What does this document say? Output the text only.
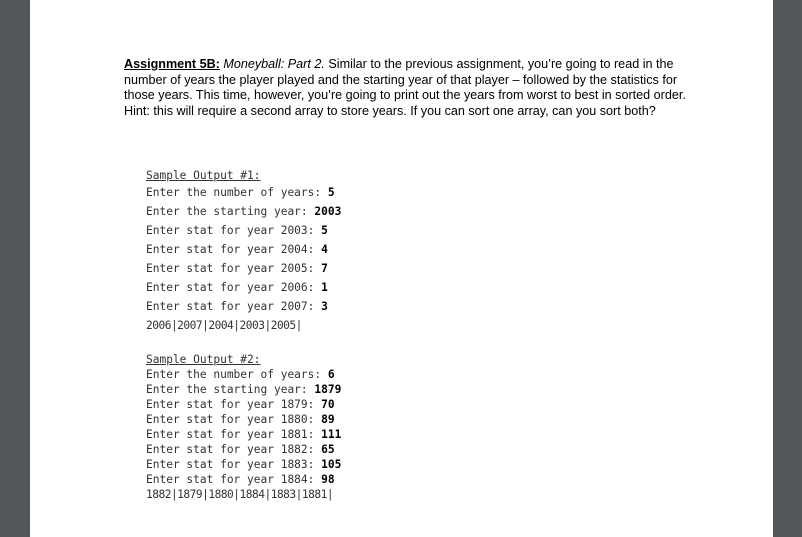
Assignment 5B: Moneyball: Part 2. Similar to the previous assignment, you’re going to read in the number of years the player played and the starting year of that player – followed by the statistics for those years. This time, however, you’re going to print out the years from worst to best in sorted order. Hint: this will require a second array to store years. If you can sort one array, can you sort both?

Sample Output #1:

Enter the number of years: 5

Enter the starting year: 2003

Enter stat for year 2003: 5

Enter stat for year 2004: 4

Enter stat for year 2005: 7

Enter stat for year 2006: 1

Enter stat for year 2007: 3

2006|2007|2004|2003|2005|

Sample Output #2:

Enter the number of years: 6

Enter the starting year: 1879

Enter stat for year 1879: 70

Enter stat for year 1880: 89

Enter stat for year 1881: 111

Enter stat for year 1882: 65

Enter stat for year 1883: 105

Enter stat for year 1884: 98

1882|1879|1880|1884|1883|1881|
